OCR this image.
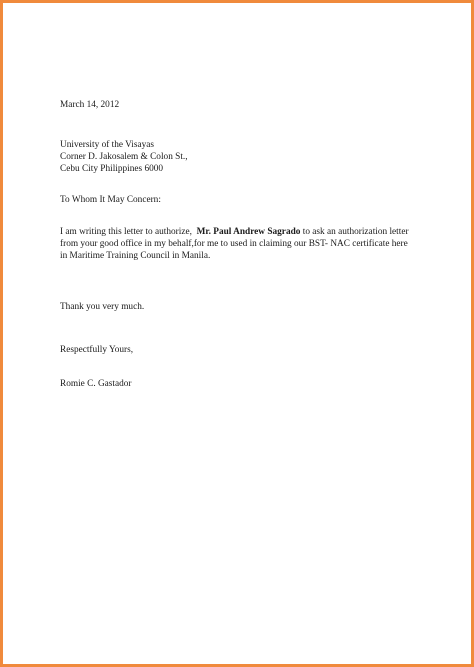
March 14, 2012
University of the Visayas
Corner D. Jakosalem & Colon St.,
Cebu City Philippines 6000
To Whom It May Concern:
I am writing this letter to authorize,  Mr. Paul Andrew Sagrado to ask an authorization letter
from your good office in my behalf,for me to used in claiming our BST- NAC certificate here
in Maritime Training Council in Manila.
Thank you very much.
Respectfully Yours,
Romie C. Gastador
